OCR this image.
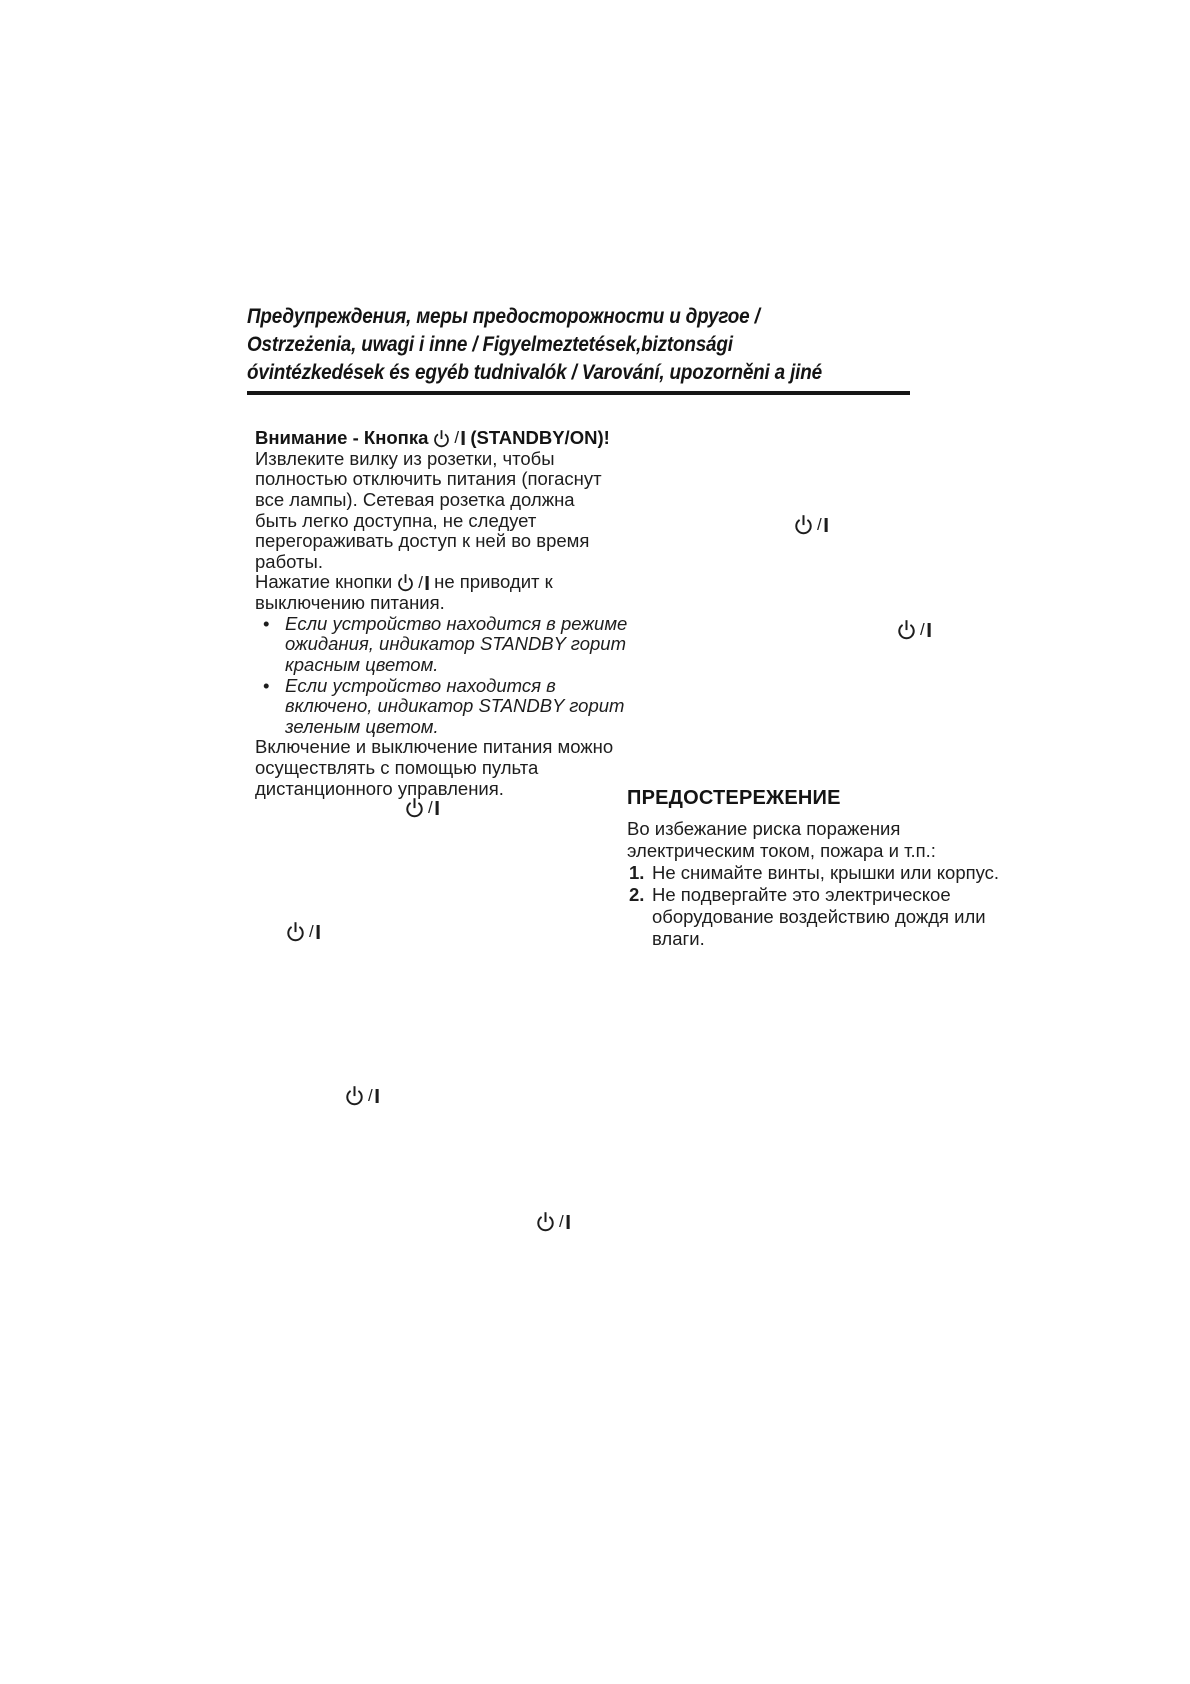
Предупреждения, меры предосторожности и другое /
Ostrzeżenia, uwagi i inne / Figyelmeztetések,biztonsági
óvintézkedések és egyéb tudnivalók / Varování, upozorněni a jiné
Внимание - Кнопка / | (STANDBY/ON)!
Извлеките вилку из розетки, чтобы
полностью отключить питания (погаснут
все лампы). Сетевая розетка должна
быть легко доступна, не следует
перегораживать доступ к ней во время
работы.
Нажатие кнопки / | не приводит к
выключению питания.
• Если устройство находится в режиме
ожидания, индикатор STANDBY горит
красным цветом.
• Если устройство находится в
включено, индикатор STANDBY горит
зеленым цветом.
Включение и выключение питания можно
осуществлять с помощью пульта
дистанционного управления.
/ |
/ |
/ |
/ |
/ |
/ |
ПРЕДОСТЕРЕЖЕНИЕ
Во избежание риска поражения
электрическим током, пожара и т.п.:
1. Не снимайте винты, крышки или корпус.
2. Не подвергайте это электрическое
оборудование воздействию дождя или
влаги.
